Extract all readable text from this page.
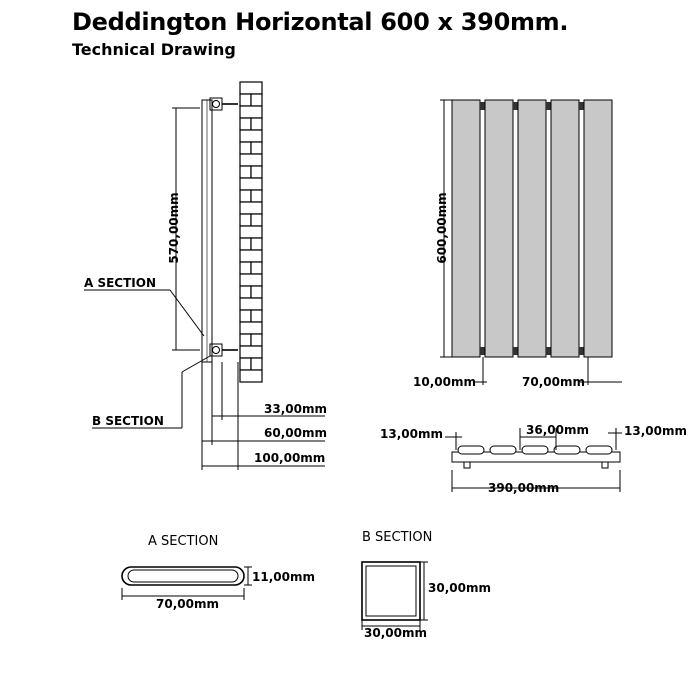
Deddington Horizontal 600 x 390mm.
Technical Drawing
570,00mm
A SECTION
B SECTION
33,00mm
60,00mm
100,00mm
600,00mm
10,00mm	70,00mm
13,00mm	36,00mm	13,00mm
390,00mm
A SECTION
11,00mm
70,00mm
B SECTION
30,00mm
30,00mm
